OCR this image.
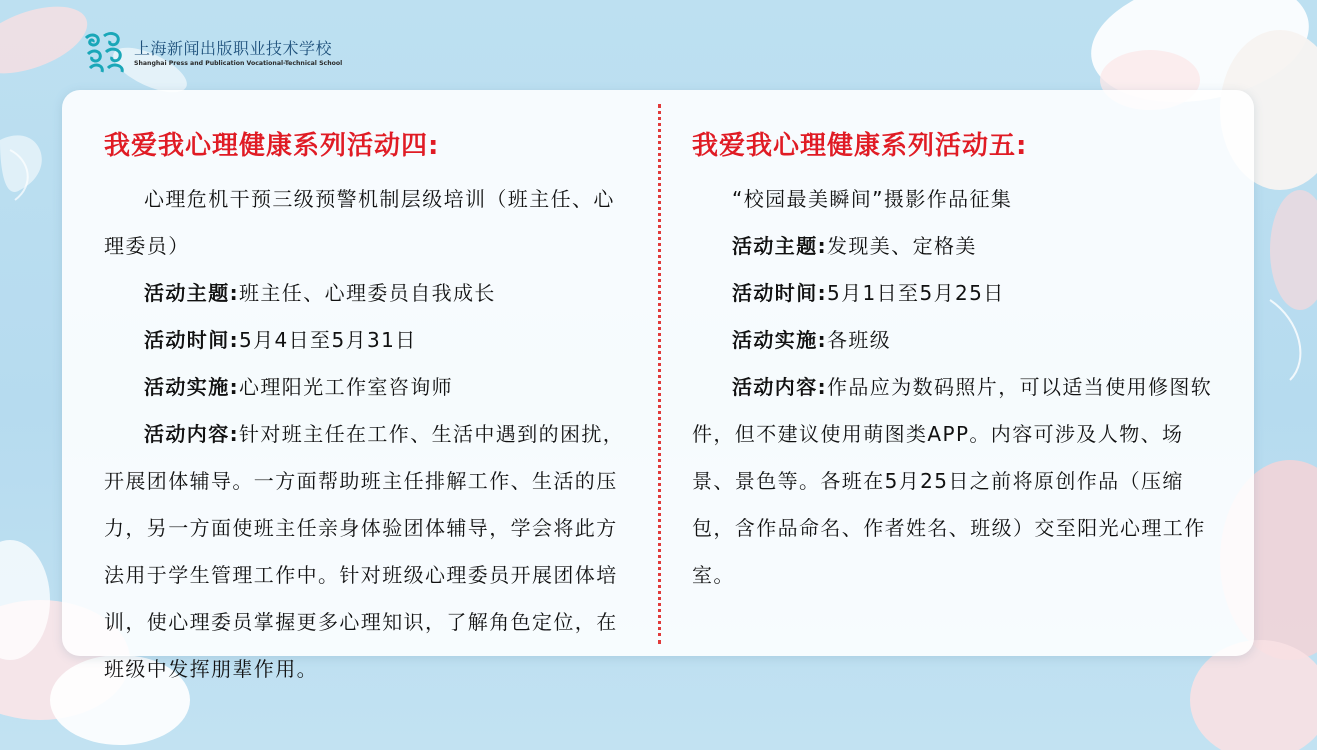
上海新闻出版职业技术学校
Shanghai Press and Publication Vocational-Technical School
我爱我心理健康系列活动四:

心理危机干预三级预警机制层级培训（班主任、心理委员）

活动主题:班主任、心理委员自我成长

活动时间:5月4日至5月31日

活动实施:心理阳光工作室咨询师

活动内容:针对班主任在工作、生活中遇到的困扰，开展团体辅导。一方面帮助班主任排解工作、生活的压力，另一方面使班主任亲身体验团体辅导，学会将此方法用于学生管理工作中。针对班级心理委员开展团体培训，使心理委员掌握更多心理知识，了解角色定位，在班级中发挥朋辈作用。

我爱我心理健康系列活动五:

“校园最美瞬间”摄影作品征集

活动主题:发现美、定格美

活动时间:5月1日至5月25日

活动实施:各班级

活动内容:作品应为数码照片，可以适当使用修图软件，但不建议使用萌图类APP。内容可涉及人物、场景、景色等。各班在5月25日之前将原创作品（压缩包，含作品命名、作者姓名、班级）交至阳光心理工作室。
